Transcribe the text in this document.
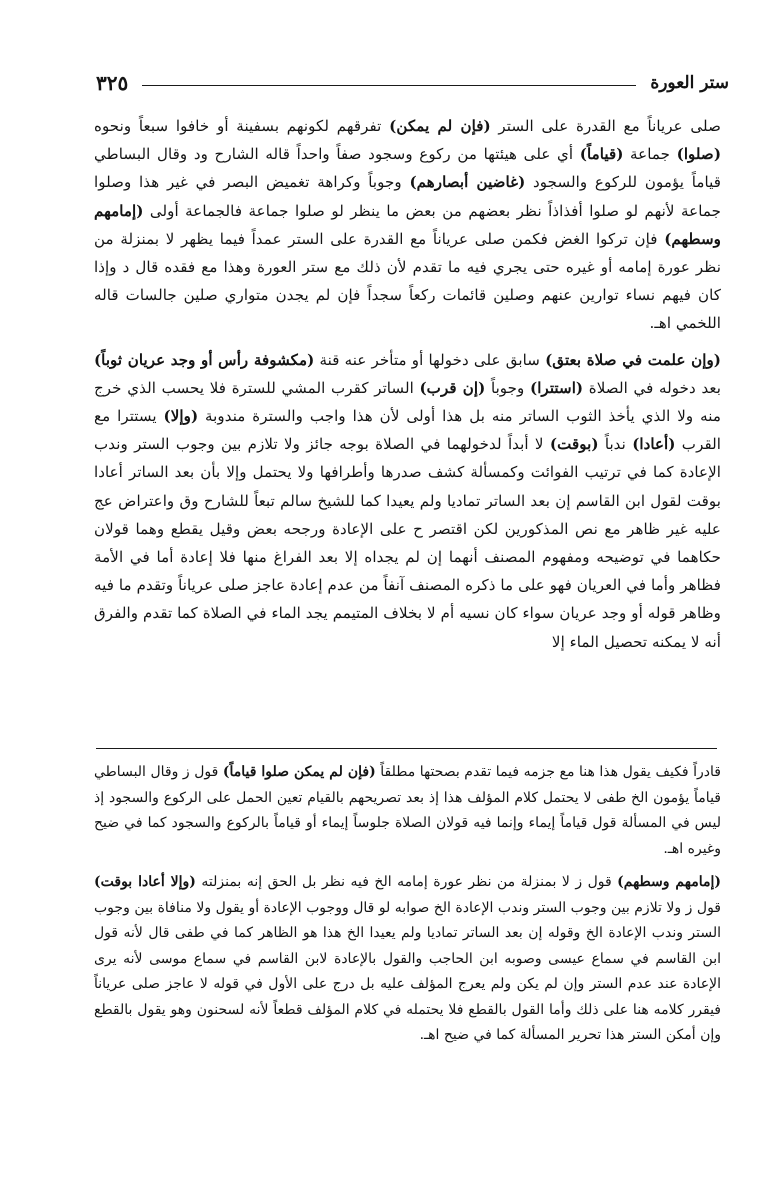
ستر العورة
٣٢٥

صلى عرياناً مع القدرة على الستر (فإن لم يمكن) تفرقهم لكونهم بسفينة أو خافوا سبعاً ونحوه (صلوا) جماعة (قياماً) أي على هيئتها من ركوع وسجود صفاً واحداً قاله الشارح ود وقال البساطي قياماً يؤمون للركوع والسجود (غاضين أبصارهم) وجوباً وكراهة تغميض البصر في غير هذا وصلوا جماعة لأنهم لو صلوا أفذاذاً نظر بعضهم من بعض ما ينظر لو صلوا جماعة فالجماعة أولى (إمامهم وسطهم) فإن تركوا الغض فكمن صلى عرياناً مع القدرة على الستر عمداً فيما يظهر لا بمنزلة من نظر عورة إمامه أو غيره حتى يجري فيه ما تقدم لأن ذلك مع ستر العورة وهذا مع فقده قال د وإذا كان فيهم نساء توارين عنهم وصلين قائمات ركعاً سجداً فإن لم يجدن متواري صلين جالسات قاله اللخمي اهـ.

(وإن علمت في صلاة بعتق) سابق على دخولها أو متأخر عنه قنة (مكشوفة رأس أو وجد عريان ثوباً) بعد دخوله في الصلاة (استترا) وجوباً (إن قرب) الساتر كقرب المشي للسترة فلا يحسب الذي خرج منه ولا الذي يأخذ الثوب الساتر منه بل هذا أولى لأن هذا واجب والسترة مندوبة (وإلا) يستترا مع القرب (أعادا) ندباً (بوقت) لا أبداً لدخولهما في الصلاة بوجه جائز ولا تلازم بين وجوب الستر وندب الإعادة كما في ترتيب الفوائت وكمسألة كشف صدرها وأطرافها ولا يحتمل وإلا بأن بعد الساتر أعادا بوقت لقول ابن القاسم إن بعد الساتر تماديا ولم يعيدا كما للشيخ سالم تبعاً للشارح وق واعتراض عج عليه غير ظاهر مع نص المذكورين لكن اقتصر ح على الإعادة ورجحه بعض وقيل يقطع وهما قولان حكاهما في توضيحه ومفهوم المصنف أنهما إن لم يجداه إلا بعد الفراغ منها فلا إعادة أما في الأمة فظاهر وأما في العريان فهو على ما ذكره المصنف آنفاً من عدم إعادة عاجز صلى عرياناً وتقدم ما فيه وظاهر قوله أو وجد عريان سواء كان نسيه أم لا بخلاف المتيمم يجد الماء في الصلاة كما تقدم والفرق أنه لا يمكنه تحصيل الماء إلا

قادراً فكيف يقول هذا هنا مع جزمه فيما تقدم بصحتها مطلقاً (فإن لم يمكن صلوا قياماً) قول ز وقال البساطي قياماً يؤمون الخ طفى لا يحتمل كلام المؤلف هذا إذ بعد تصريحهم بالقيام تعين الحمل على الركوع والسجود إذ ليس في المسألة قول قياماً إيماء وإنما فيه قولان الصلاة جلوساً إيماء أو قياماً بالركوع والسجود كما في ضيح وغيره اهـ.

(إمامهم وسطهم) قول ز لا بمنزلة من نظر عورة إمامه الخ فيه نظر بل الحق إنه بمنزلته (وإلا أعادا بوقت) قول ز ولا تلازم بين وجوب الستر وندب الإعادة الخ صوابه لو قال ووجوب الإعادة أو يقول ولا منافاة بين وجوب الستر وندب الإعادة الخ وقوله إن بعد الساتر تماديا ولم يعيدا الخ هذا هو الظاهر كما في طفى قال لأنه قول ابن القاسم في سماع عيسى وصوبه ابن الحاجب والقول بالإعادة لابن القاسم في سماع موسى لأنه يرى الإعادة عند عدم الستر وإن لم يكن ولم يعرج المؤلف عليه بل درج على الأول في قوله لا عاجز صلى عرياناً فيقرر كلامه هنا على ذلك وأما القول بالقطع فلا يحتمله في كلام المؤلف قطعاً لأنه لسحنون وهو يقول بالقطع وإن أمكن الستر هذا تحرير المسألة كما في ضيح اهـ.
